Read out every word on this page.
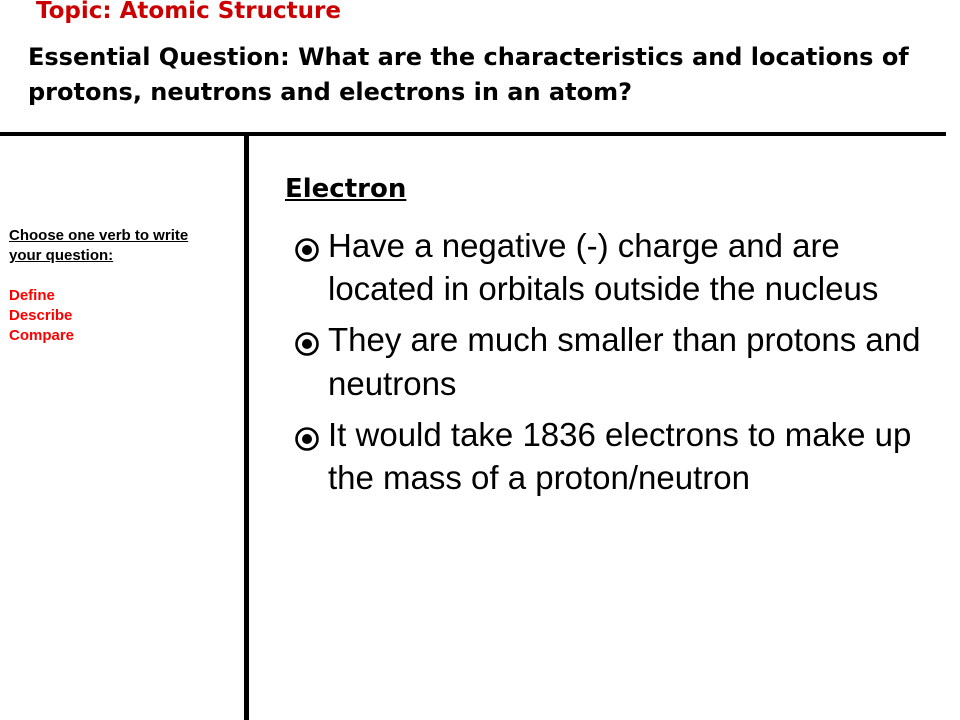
Topic: Atomic Structure
Essential Question: What are the characteristics and locations of protons, neutrons and electrons in an atom?
Choose one verb to write your question:
Define
Describe
Compare
Electron
Have a negative (-) charge and are located in orbitals outside the nucleus
They are much smaller than protons and neutrons
It would take 1836 electrons to make up the mass of a proton/neutron
